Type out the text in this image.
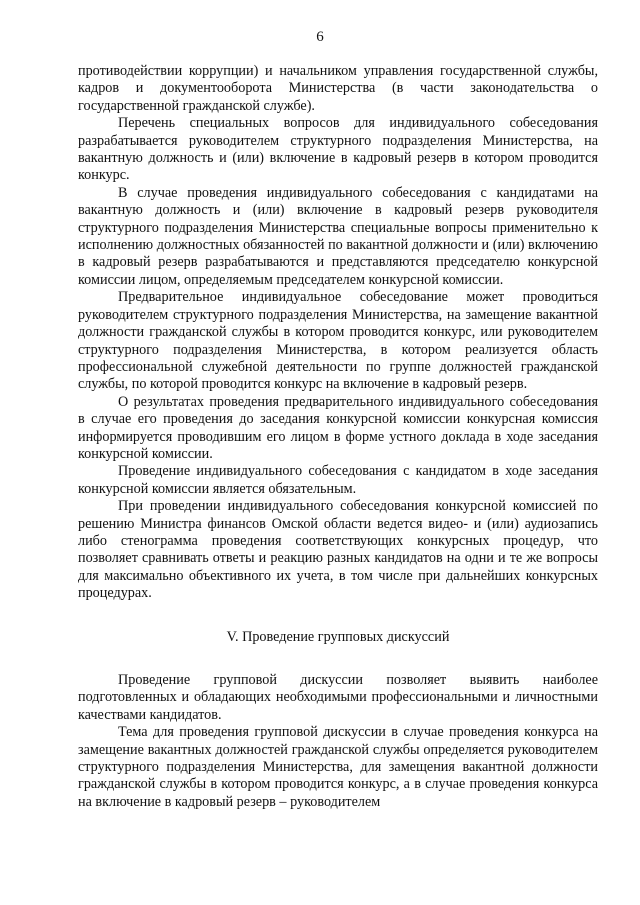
6

противодействии коррупции) и начальником управления государственной службы, кадров и документооборота Министерства (в части законодательства о государственной гражданской службе).

Перечень специальных вопросов для индивидуального собеседования разрабатывается руководителем структурного подразделения Министерства, на вакантную должность и (или) включение в кадровый резерв в котором проводится конкурс.

В случае проведения индивидуального собеседования с кандидатами на вакантную должность и (или) включение в кадровый резерв руководителя структурного подразделения Министерства специальные вопросы применительно к исполнению должностных обязанностей по вакантной должности и (или) включению в кадровый резерв разрабатываются и представляются председателю конкурсной комиссии лицом, определяемым председателем конкурсной комиссии.

Предварительное индивидуальное собеседование может проводиться руководителем структурного подразделения Министерства, на замещение вакантной должности гражданской службы в котором проводится конкурс, или руководителем структурного подразделения Министерства, в котором реализуется область профессиональной служебной деятельности по группе должностей гражданской службы, по которой проводится конкурс на включение в кадровый резерв.

О результатах проведения предварительного индивидуального собеседования в случае его проведения до заседания конкурсной комиссии конкурсная комиссия информируется проводившим его лицом в форме устного доклада в ходе заседания конкурсной комиссии.

Проведение индивидуального собеседования с кандидатом в ходе заседания конкурсной комиссии является обязательным.

При проведении индивидуального собеседования конкурсной комиссией по решению Министра финансов Омской области ведется видео- и (или) аудиозапись либо стенограмма проведения соответствующих конкурсных процедур, что позволяет сравнивать ответы и реакцию разных кандидатов на одни и те же вопросы для максимально объективного их учета, в том числе при дальнейших конкурсных процедурах.

V. Проведение групповых дискуссий

Проведение групповой дискуссии позволяет выявить наиболее подготовленных и обладающих необходимыми профессиональными и личностными качествами кандидатов.

Тема для проведения групповой дискуссии в случае проведения конкурса на замещение вакантных должностей гражданской службы определяется руководителем структурного подразделения Министерства, для замещения вакантной должности гражданской службы в котором проводится конкурс, а в случае проведения конкурса на включение в кадровый резерв – руководителем
